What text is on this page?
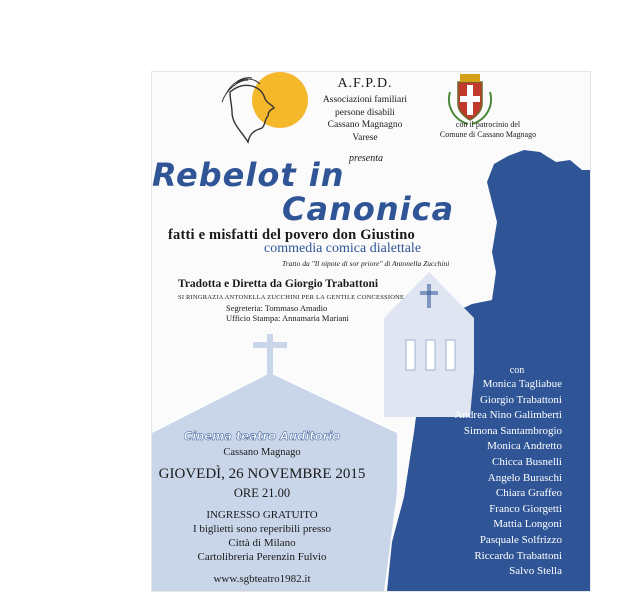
A.F.P.D.
Associazioni familiari
persone disabili
Cassano Magnagno
Varese
presenta
con il patrocinio del
Comune di Cassano Magnago
Rebelot in
Canonica
fatti e misfatti del povero don Giustino
commedia comica dialettale
Tratto da "Il nipote di sor priore" di Antonella Zucchini
Tradotta e Diretta da Giorgio Trabattoni
SI RINGRAZIA ANTONELLA ZUCCHINI PER LA GENTILE CONCESSIONE
Segreteria: Tommaso Amadio
Ufficio Stampa: Annamaria Mariani
Cinema teatro Auditorio
Cassano Magnago
GIOVEDÌ, 26 NOVEMBRE 2015
ORE 21.00
INGRESSO GRATUITO
I biglietti sono reperibili presso
Città di Milano
Cartolibreria Perenzin Fulvio
www.sgbteatro1982.it
con
Monica Tagliabue
Giorgio Trabattoni
Andrea Nino Galimberti
Simona Santambrogio
Monica Andretto
Chicca Busnelli
Angelo Buraschi
Chiara Graffeo
Franco Giorgetti
Mattia Longoni
Pasquale Solfrizzo
Riccardo Trabattoni
Salvo Stella
